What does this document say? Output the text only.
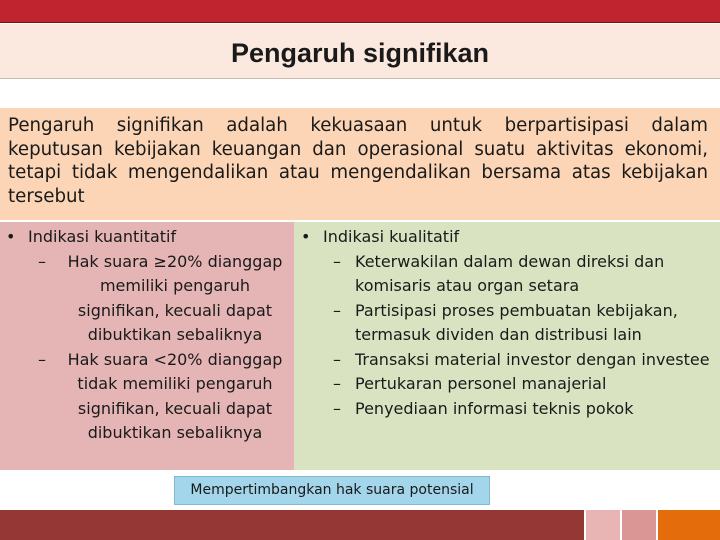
Pengaruh signifikan
Pengaruh signifikan adalah kekuasaan untuk berpartisipasi dalam keputusan kebijakan keuangan dan operasional suatu aktivitas ekonomi, tetapi tidak mengendalikan atau mengendalikan bersama atas kebijakan tersebut
• Indikasi kuantitatif
–	Hak suara ≥20% dianggap memiliki pengaruh signifikan, kecuali dapat dibuktikan sebaliknya
–	Hak suara <20% dianggap tidak memiliki pengaruh signifikan, kecuali dapat dibuktikan sebaliknya
• Indikasi kualitatif
– Keterwakilan dalam dewan direksi dan komisaris atau organ setara
– Partisipasi proses pembuatan kebijakan, termasuk dividen dan distribusi lain
– Transaksi material investor dengan investee
– Pertukaran personel manajerial
– Penyediaan informasi teknis pokok
Mempertimbangkan hak suara potensial
